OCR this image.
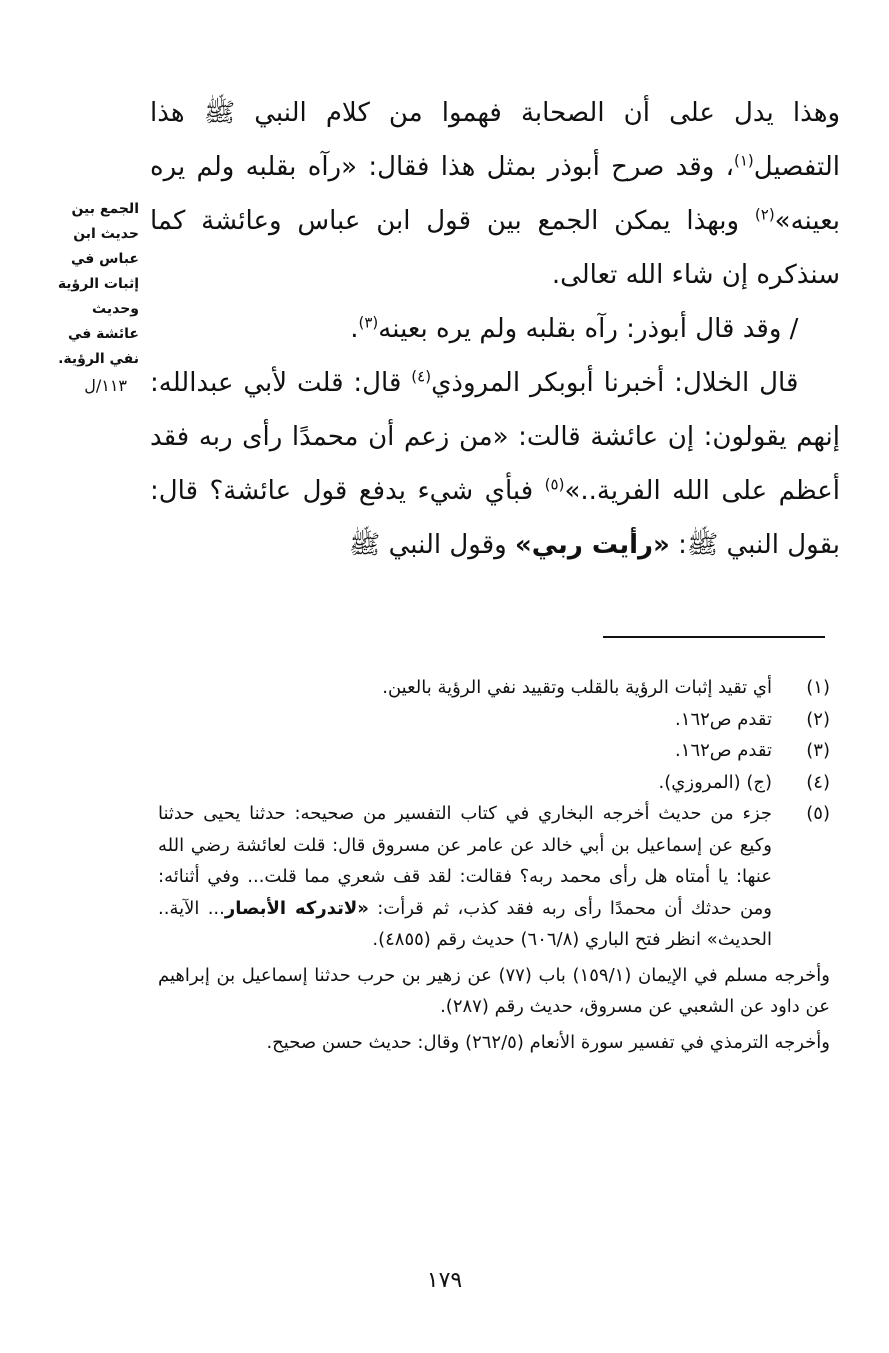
وهذا يدل على أن الصحابة فهموا من كلام النبي ﷺ هذا التفصيل$^{(١)}$، وقد صرح أبوذر بمثل هذا فقال: «رآه بقلبه ولم يره بعينه»$^{(٢)}$ وبهذا يمكن الجمع بين قول ابن عباس وعائشة كما سنذكره إن شاء الله تعالى.

/ وقد قال أبوذر: رآه بقلبه ولم يره بعينه$^{(٣)}$.

قال الخلال: أخبرنا أبوبكر المروذي$^{(٤)}$ قال: قلت لأبي عبدالله: إنهم يقولون: إن عائشة قالت: «من زعم أن محمدًا رأى ربه فقد أعظم على الله الفرية..»$^{(٥)}$ فبأي شيء يدفع قول عائشة؟ قال: بقول النبي ﷺ: «رأيت ربي» وقول النبي ﷺ

الجمع بين حديث ابن عباس في إثبات الرؤية وحديث عائشة في نفي الرؤية.
١١٣/ل
(١)
أي تقيد إثبات الرؤية بالقلب وتقييد نفي الرؤية بالعين.
(٢)
تقدم ص١٦٢.
(٣)
تقدم ص١٦٢.
(٤)
(ج) (المروزي).
(٥)
جزء من حديث أخرجه البخاري في كتاب التفسير من صحيحه: حدثنا يحيى حدثنا وكيع عن إسماعيل بن أبي خالد عن عامر عن مسروق قال: قلت لعائشة رضي الله عنها: يا أمتاه هل رأى محمد ربه؟ فقالت: لقد قف شعري مما قلت... وفي أثنائه: ومن حدثك أن محمدًا رأى ربه فقد كذب، ثم قرأت: «لاتدركه الأبصار... الآية.. الحديث» انظر فتح الباري (٦٠٦/٨) حديث رقم (٤٨٥٥).
وأخرجه مسلم في الإيمان (١٥٩/١) باب (٧٧) عن زهير بن حرب حدثنا إسماعيل بن إبراهيم عن داود عن الشعبي عن مسروق، حديث رقم (٢٨٧).
وأخرجه الترمذي في تفسير سورة الأنعام (٢٦٢/٥) وقال: حديث حسن صحيح.
١٧٩
